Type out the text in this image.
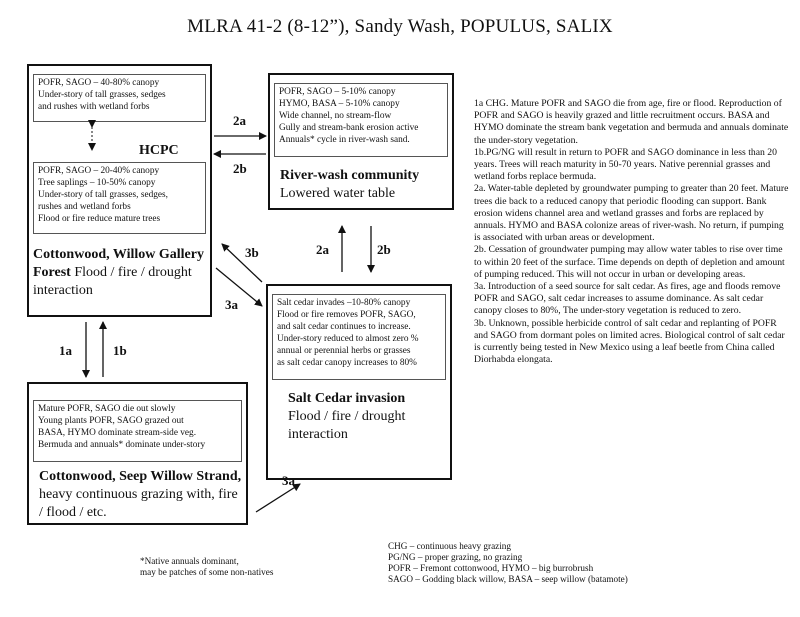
MLRA 41-2 (8-12”), Sandy Wash, POPULUS, SALIX
POFR, SAGO – 40-80% canopy
Under-story of tall grasses, sedges
and rushes with wetland forbs
HCPC
POFR, SAGO – 20-40% canopy
Tree saplings – 10-50% canopy
Under-story of tall grasses, sedges,
rushes and wetland forbs
Flood or fire reduce mature trees
Cottonwood, Willow Gallery Forest Flood / fire / drought interaction
POFR, SAGO – 5-10% canopy
HYMO, BASA – 5-10% canopy
Wide channel, no stream-flow
Gully and stream-bank erosion active
Annuals* cycle in river-wash sand.
River-wash community
Lowered water table
Salt cedar invades –10-80% canopy
Flood or fire removes POFR, SAGO,
and salt cedar continues to increase.
Under-story reduced to almost zero %
annual or perennial herbs or grasses
as salt cedar canopy increases to 80%
Salt Cedar invasion
Flood / fire / drought interaction
Mature POFR, SAGO die out slowly
Young plants POFR, SAGO grazed out
BASA, HYMO dominate stream-side veg.
Bermuda and annuals* dominate under-story
Cottonwood, Seep Willow Strand, heavy continuous grazing with, fire / flood / etc.
2a
2b
2a	2b
3b
3a
1a	1b
3a
1a CHG. Mature POFR and SAGO die from age, fire or flood. Reproduction of POFR and SAGO is heavily grazed and little recruitment occurs. BASA and HYMO dominate the stream bank vegetation and bermuda and annuals dominate the under-story vegetation.
1b.PG/NG will result in return to POFR and SAGO dominance in less than 20 years. Trees will reach maturity in 50-70 years. Native perennial grasses and wetland forbs replace bermuda.
2a. Water-table depleted by groundwater pumping to greater than 20 feet. Mature trees die back to a reduced canopy that periodic flooding can support. Bank erosion widens channel area and wetland grasses and forbs are replaced by annuals. HYMO and BASA colonize areas of river-wash. No return, if pumping is associated with urban areas or development.
2b. Cessation of groundwater pumping may allow water tables to rise over time to within 20 feet of the surface. Time depends on depth of depletion and amount of pumping reduced. This will not occur in urban or developing areas.
3a. Introduction of a seed source for salt cedar. As fires, age and floods remove POFR and SAGO, salt cedar increases to assume dominance. As salt cedar canopy closes to 80%, The under-story vegetation is reduced to zero.
3b. Unknown, possible herbicide control of salt cedar and replanting of POFR and SAGO from dormant poles on limited acres. Biological control of salt cedar is currently being tested in New Mexico using a leaf beetle from China called Diorhabda elongata.
*Native annuals dominant,
may be patches of some non-natives
CHG – continuous heavy grazing
PG/NG – proper grazing, no grazing
POFR – Fremont cottonwood, HYMO – big burrobrush
SAGO – Godding black willow, BASA – seep willow (batamote)
